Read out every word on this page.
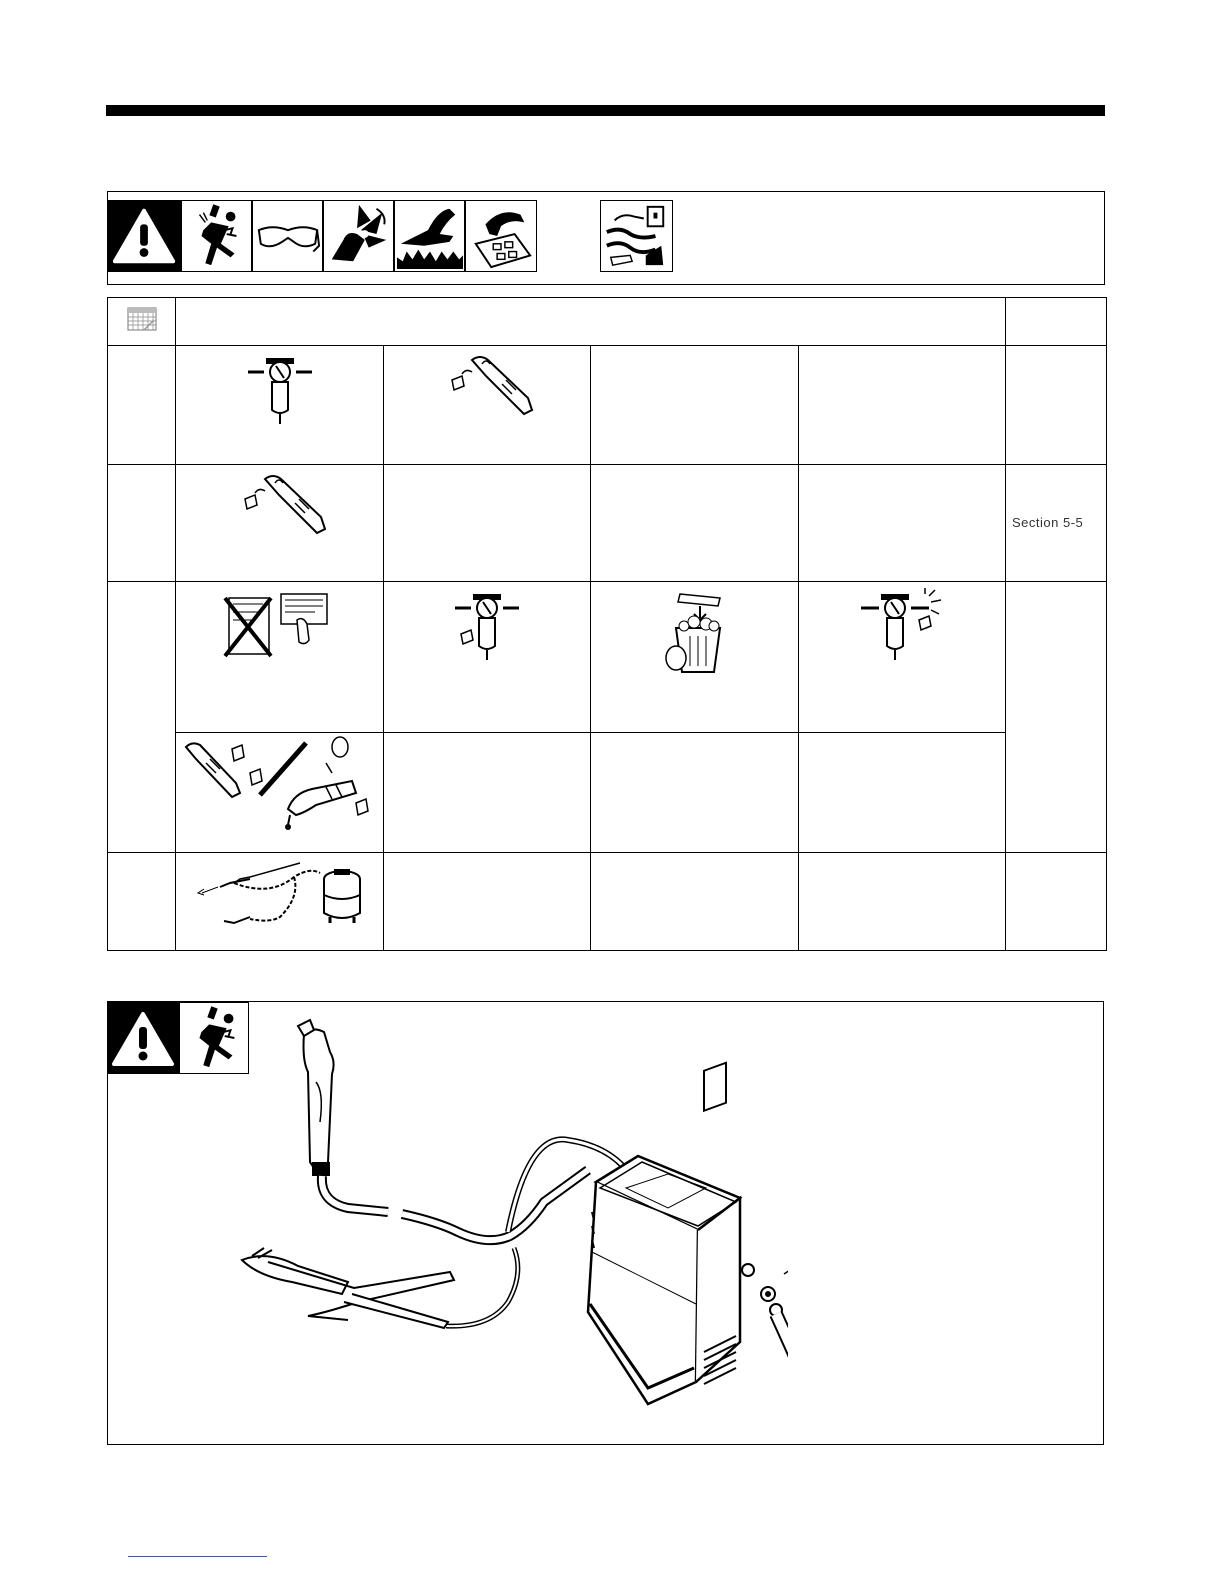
Section 5-5
